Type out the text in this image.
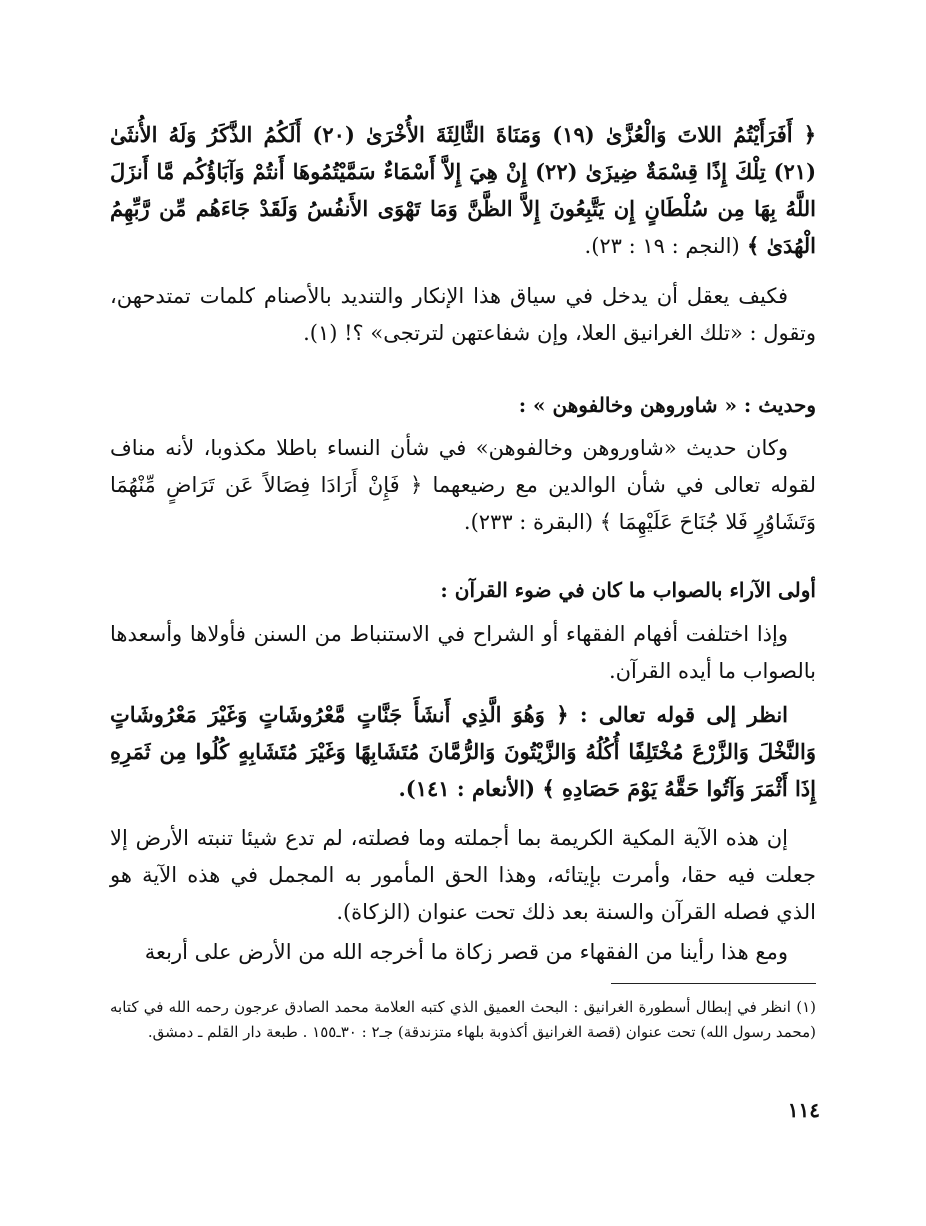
﴿ أَفَرَأَيْتُمُ اللاتَ وَالْعُزَّىٰ (١٩) وَمَنَاةَ الثَّالِثَةَ الأُخْرَىٰ (٢٠) أَلَكُمُ الذَّكَرُ وَلَهُ الأُنثَىٰ (٢١) تِلْكَ إِذًا قِسْمَةٌ ضِيزَىٰ (٢٢) إِنْ هِيَ إِلاَّ أَسْمَاءٌ سَمَّيْتُمُوهَا أَنتُمْ وَآبَاؤُكُم مَّا أَنزَلَ اللَّهُ بِهَا مِن سُلْطَانٍ إِن يَتَّبِعُونَ إِلاَّ الظَّنَّ وَمَا تَهْوَى الأَنفُسُ وَلَقَدْ جَاءَهُم مِّن رَّبِّهِمُ الْهُدَىٰ ﴾ (النجم : ١٩ : ٢٣).

فكيف يعقل أن يدخل في سياق هذا الإنكار والتنديد بالأصنام كلمات تمتدحهن، وتقول : «تلك الغرانيق العلا، وإن شفاعتهن لترتجى» ؟! (١).

وحديث : « شاوروهن وخالفوهن » :

وكان حديث «شاوروهن وخالفوهن» في شأن النساء باطلا مكذوبا، لأنه مناف لقوله تعالى في شأن الوالدين مع رضيعهما ﴿ فَإِنْ أَرَادَا فِصَالاً عَن تَرَاضٍ مِّنْهُمَا وَتَشَاوُرٍ فَلا جُنَاحَ عَلَيْهِمَا ﴾ (البقرة : ٢٣٣).

أولى الآراء بالصواب ما كان في ضوء القرآن :

وإذا اختلفت أفهام الفقهاء أو الشراح في الاستنباط من السنن فأولاها وأسعدها بالصواب ما أيده القرآن.

انظر إلى قوله تعالى : ﴿ وَهُوَ الَّذِي أَنشَأَ جَنَّاتٍ مَّعْرُوشَاتٍ وَغَيْرَ مَعْرُوشَاتٍ وَالنَّخْلَ وَالزَّرْعَ مُخْتَلِفًا أُكُلُهُ وَالزَّيْتُونَ وَالرُّمَّانَ مُتَشَابِهًا وَغَيْرَ مُتَشَابِهٍ كُلُوا مِن ثَمَرِهِ إِذَا أَثْمَرَ وَآتُوا حَقَّهُ يَوْمَ حَصَادِهِ ﴾ (الأنعام : ١٤١).

إن هذه الآية المكية الكريمة بما أجملته وما فصلته، لم تدع شيئا تنبته الأرض إلا جعلت فيه حقا، وأمرت بإيتائه، وهذا الحق المأمور به المجمل في هذه الآية هو الذي فصله القرآن والسنة بعد ذلك تحت عنوان (الزكاة).

ومع هذا رأينا من الفقهاء من قصر زكاة ما أخرجه الله من الأرض على أربعة

(١) انظر في إبطال أسطورة الغرانيق : البحث العميق الذي كتبه العلامة محمد الصادق عرجون رحمه الله في كتابه (محمد رسول الله) تحت عنوان (قصة الغرانيق أكذوبة بلهاء متزندقة) جـ٢ : ٣٠ـ١٥٥ . طبعة دار القلم ـ دمشق.

١١٤
